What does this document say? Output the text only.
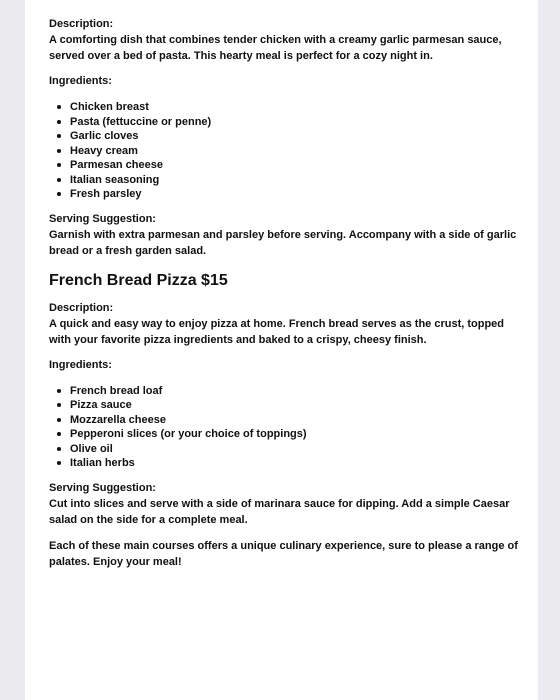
Description:

A comforting dish that combines tender chicken with a creamy garlic parmesan sauce, served over a bed of pasta. This hearty meal is perfect for a cozy night in.

Ingredients:

Chicken breast
Pasta (fettuccine or penne)
Garlic cloves
Heavy cream
Parmesan cheese
Italian seasoning
Fresh parsley

Serving Suggestion:

Garnish with extra parmesan and parsley before serving. Accompany with a side of garlic bread or a fresh garden salad.

French Bread Pizza $15

Description:

A quick and easy way to enjoy pizza at home. French bread serves as the crust, topped with your favorite pizza ingredients and baked to a crispy, cheesy finish.

Ingredients:

French bread loaf
Pizza sauce
Mozzarella cheese
Pepperoni slices (or your choice of toppings)
Olive oil
Italian herbs

Serving Suggestion:

Cut into slices and serve with a side of marinara sauce for dipping. Add a simple Caesar salad on the side for a complete meal.

Each of these main courses offers a unique culinary experience, sure to please a range of palates. Enjoy your meal!
